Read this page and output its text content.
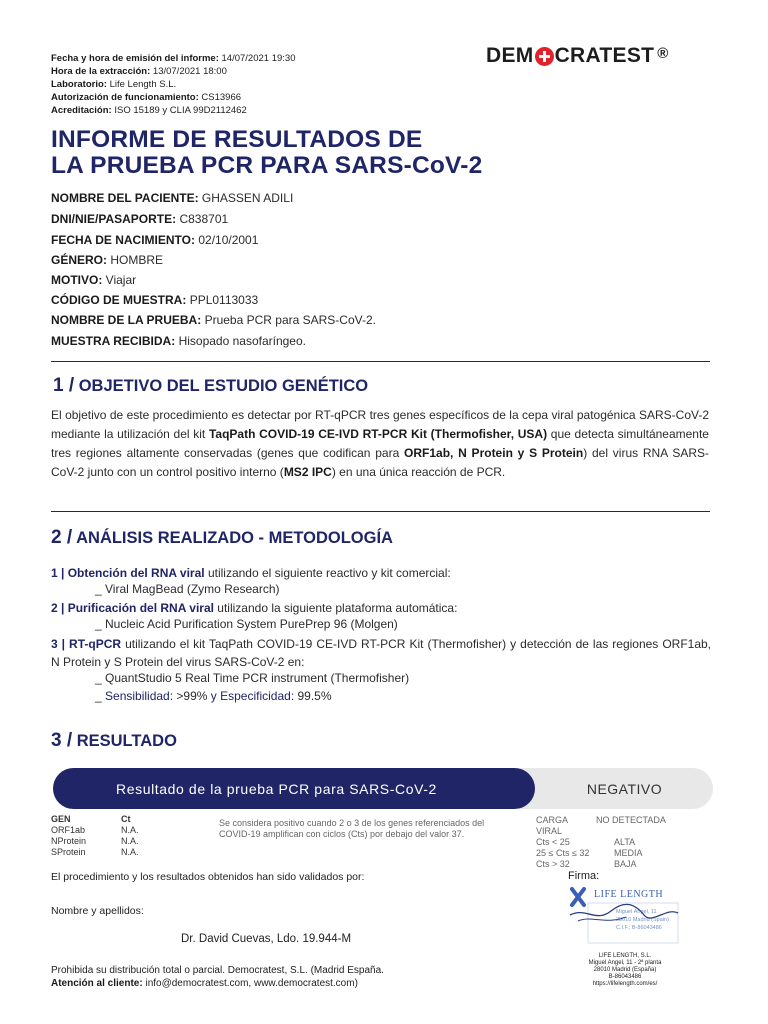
Fecha y hora de emisión del informe: 14/07/2021 19:30
Hora de la extracción: 13/07/2021 18:00
Laboratorio: Life Length S.L.
Autorización de funcionamiento: CS13966
Acreditación: ISO 15189 y CLIA 99D2112462
DEM CRATEST ®
INFORME DE RESULTADOS DE
LA PRUEBA PCR PARA SARS-CoV-2
NOMBRE DEL PACIENTE: GHASSEN ADILI
DNI/NIE/PASAPORTE: C838701
FECHA DE NACIMIENTO: 02/10/2001
GÉNERO: HOMBRE
MOTIVO: Viajar
CÓDIGO DE MUESTRA: PPL0113033
NOMBRE DE LA PRUEBA: Prueba PCR para SARS-CoV-2.
MUESTRA RECIBIDA: Hisopado nasofaríngeo.
1 / OBJETIVO DEL ESTUDIO GENÉTICO
El objetivo de este procedimiento es detectar por RT-qPCR tres genes específicos de la cepa viral patogénica SARS-CoV-2 mediante la utilización del kit TaqPath COVID-19 CE-IVD RT-PCR Kit (Thermofisher, USA) que detecta simultáneamente tres regiones altamente conservadas (genes que codifican para ORF1ab, N Protein y S Protein) del virus RNA SARS-CoV-2 junto con un control positivo interno (MS2 IPC) en una única reacción de PCR.
2 / ANÁLISIS REALIZADO - METODOLOGÍA
1 | Obtención del RNA viral utilizando el siguiente reactivo y kit comercial:
_ Viral MagBead (Zymo Research)
2 | Purificación del RNA viral utilizando la siguiente plataforma automática:
_ Nucleic Acid Purification System PurePrep 96 (Molgen)
3 | RT-qPCR utilizando el kit TaqPath COVID-19 CE-IVD RT-PCR Kit (Thermofisher) y detección de las regiones ORF1ab, N Protein y S Protein del virus SARS-CoV-2 en:
_ QuantStudio 5 Real Time PCR instrument (Thermofisher)
_ Sensibilidad: >99% y Especificidad: 99.5%
3 / RESULTADO
NEGATIVO
Resultado de la prueba PCR para SARS-CoV-2
GEN	Ct
ORF1ab	N.A.
NProtein	N.A.
SProtein	N.A.
Se considera positivo cuando 2 o 3 de los genes referenciados del COVID-19 amplifican con ciclos (Cts) por debajo del valor 37.
CARGA VIRAL
NO DETECTADA
Cts < 25	ALTA
25 ≤ Cts ≤ 32	MEDIA
Cts > 32	BAJA
El procedimiento y los resultados obtenidos han sido validados por:	Firma:
Nombre y apellidos:
Dr. David Cuevas, Ldo. 19.944-M
LIFE LENGTH
Miguel Ángel, 11
28010 Madrid (Spain)
C.I.F.: B-86043486
LIFE LENGTH, S.L.
Miguel Angel, 11 - 2ª planta
28010 Madrid (España)
B-86043486
https://lifelength.com/es/
Prohibida su distribución total o parcial. Democratest, S.L. (Madrid España.
Atención al cliente: info@democratest.com, www.democratest.com)
